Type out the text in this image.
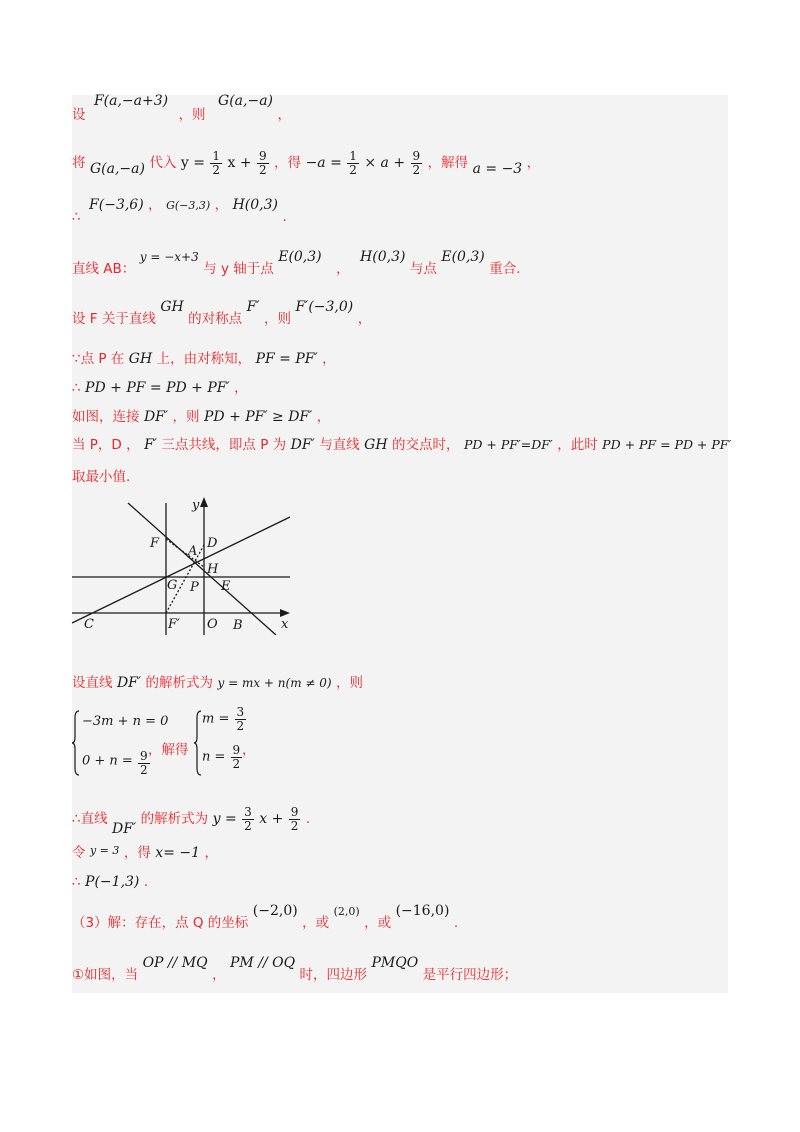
设 F(a,−a+3) ，则 G(a,−a) ，
将 G(a,−a) 代入 $y = \frac{1}{2}$ $x + \frac{9}{2}$ ，得 $-a = \frac{1}{2} \times a + \frac{9}{2}$ ，解得 a = −3 ，
∴ F(−3,6) ， G(−3,3) ， H(0,3) .
直线 AB： y = −x+3 与 y 轴于点 E(0,3) ， H(0,3) 与点 E(0,3) 重合.
设 F 关于直线 GH 的对称点 F′ ，则 F′(−3,0) ，
∵点 P 在 GH 上，由对称知， PF = PF′ ，
∴ PD + PF = PD + PF′ ，
如图，连接 DF′ ，则 PD + PF′ ≥ DF′ ，
当 P，D ， F′ 三点共线，即点 P 为 DF′ 与直线 GH 的交点时， PD + PF′=DF′ ，此时 PD + PF = PD + PF′
取最小值.
y
x
F
A
D
H
G P E
C	F′ O B
设直线 DF′ 的解析式为 y = mx + n(m ≠ 0) ，则
−3m + n = 0
$0 + n = \frac{9}{2}$
，解得
$m = \frac{3}{2}$
$n = \frac{9}{2}$ ，
∴直线 DF′ 的解析式为 $y = \frac{3}{2}$ $x + \frac{9}{2}$ .
令 $^{y = 3}$ ，得 x= −1 ，
∴ P(−1,3) .
（3）解：存在，点 Q 的坐标 (−2,0) ，或 (2,0) ，或 (−16,0) .
①如图，当 OP // MQ ， PM // OQ 时，四边形 PMQO 是平行四边形；
